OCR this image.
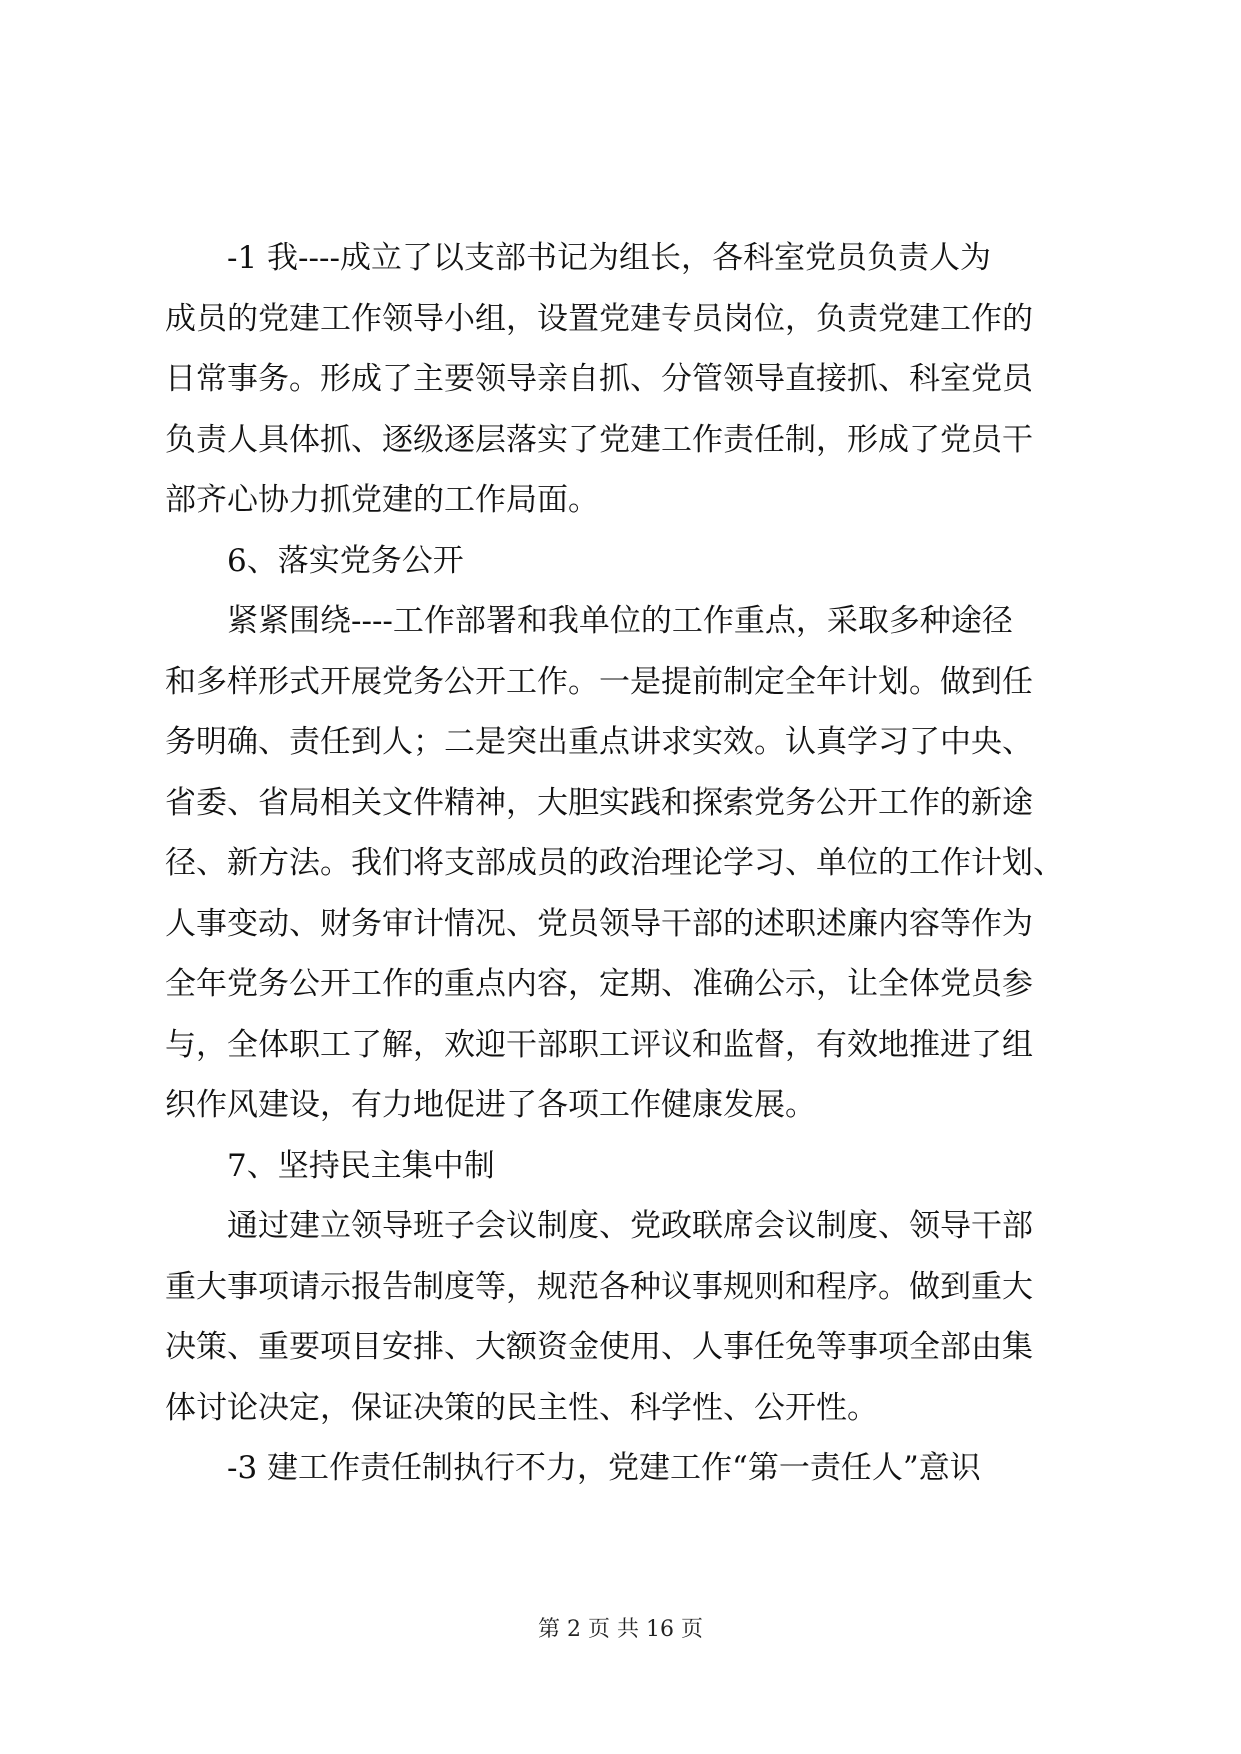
　　-1 我----成立了以支部书记为组长，各科室党员负责人为
成员的党建工作领导小组，设置党建专员岗位，负责党建工作的
日常事务。形成了主要领导亲自抓、分管领导直接抓、科室党员
负责人具体抓、逐级逐层落实了党建工作责任制，形成了党员干
部齐心协力抓党建的工作局面。
　　6、落实党务公开
　　紧紧围绕----工作部署和我单位的工作重点，采取多种途径
和多样形式开展党务公开工作。一是提前制定全年计划。做到任
务明确、责任到人；二是突出重点讲求实效。认真学习了中央、
省委、省局相关文件精神，大胆实践和探索党务公开工作的新途
径、新方法。我们将支部成员的政治理论学习、单位的工作计划、
人事变动、财务审计情况、党员领导干部的述职述廉内容等作为
全年党务公开工作的重点内容，定期、准确公示，让全体党员参
与，全体职工了解，欢迎干部职工评议和监督，有效地推进了组
织作风建设，有力地促进了各项工作健康发展。
　　7、坚持民主集中制
　　通过建立领导班子会议制度、党政联席会议制度、领导干部
重大事项请示报告制度等，规范各种议事规则和程序。做到重大
决策、重要项目安排、大额资金使用、人事任免等事项全部由集
体讨论决定，保证决策的民主性、科学性、公开性。
　　-3 建工作责任制执行不力，党建工作“第一责任人”意识
第 2 页 共 16 页
